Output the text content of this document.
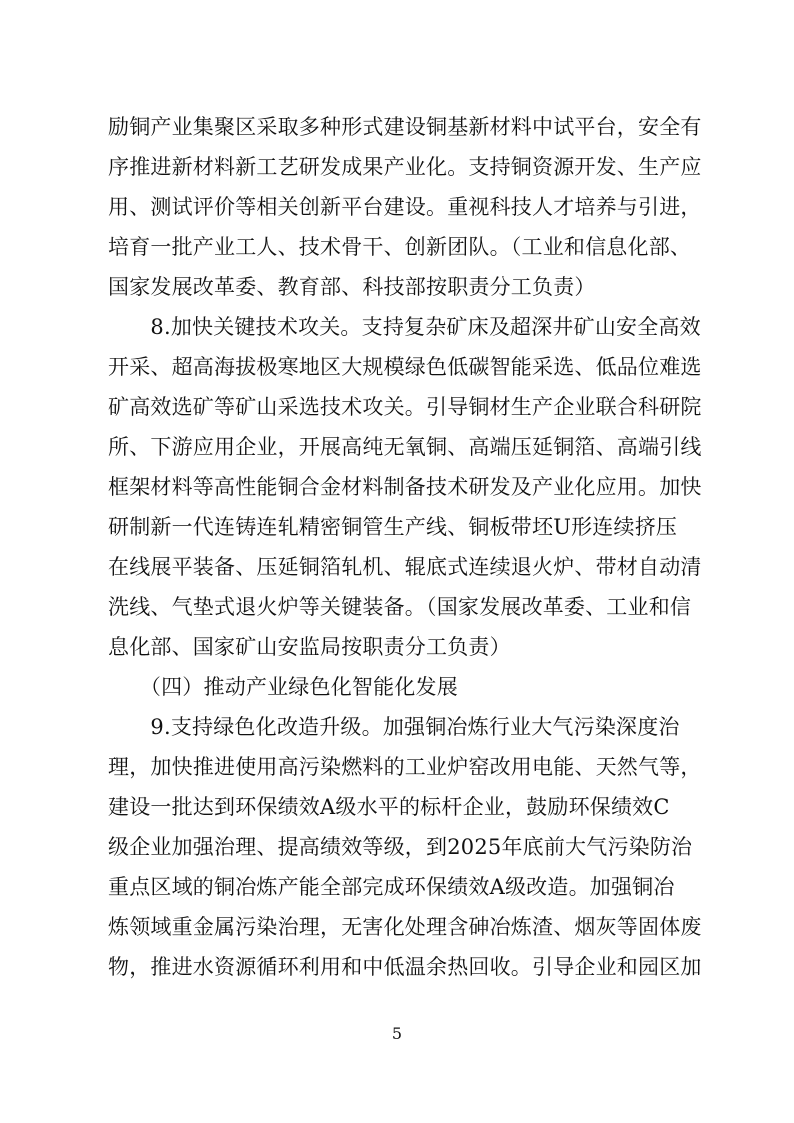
励铜产业集聚区采取多种形式建设铜基新材料中试平台，安全有
序推进新材料新工艺研发成果产业化。支持铜资源开发、生产应
用、测试评价等相关创新平台建设。重视科技人才培养与引进，
培育一批产业工人、技术骨干、创新团队。（工业和信息化部、
国家发展改革委、教育部、科技部按职责分工负责）
　　8.加快关键技术攻关。支持复杂矿床及超深井矿山安全高效
开采、超高海拔极寒地区大规模绿色低碳智能采选、低品位难选
矿高效选矿等矿山采选技术攻关。引导铜材生产企业联合科研院
所、下游应用企业，开展高纯无氧铜、高端压延铜箔、高端引线
框架材料等高性能铜合金材料制备技术研发及产业化应用。加快
研制新一代连铸连轧精密铜管生产线、铜板带坯U形连续挤压
在线展平装备、压延铜箔轧机、辊底式连续退火炉、带材自动清
洗线、气垫式退火炉等关键装备。（国家发展改革委、工业和信
息化部、国家矿山安监局按职责分工负责）
　　（四）推动产业绿色化智能化发展
　　9.支持绿色化改造升级。加强铜冶炼行业大气污染深度治
理，加快推进使用高污染燃料的工业炉窑改用电能、天然气等，
建设一批达到环保绩效A级水平的标杆企业，鼓励环保绩效C
级企业加强治理、提高绩效等级，到2025年底前大气污染防治
重点区域的铜冶炼产能全部完成环保绩效A级改造。加强铜冶
炼领域重金属污染治理，无害化处理含砷冶炼渣、烟灰等固体废
物，推进水资源循环利用和中低温余热回收。引导企业和园区加
5
